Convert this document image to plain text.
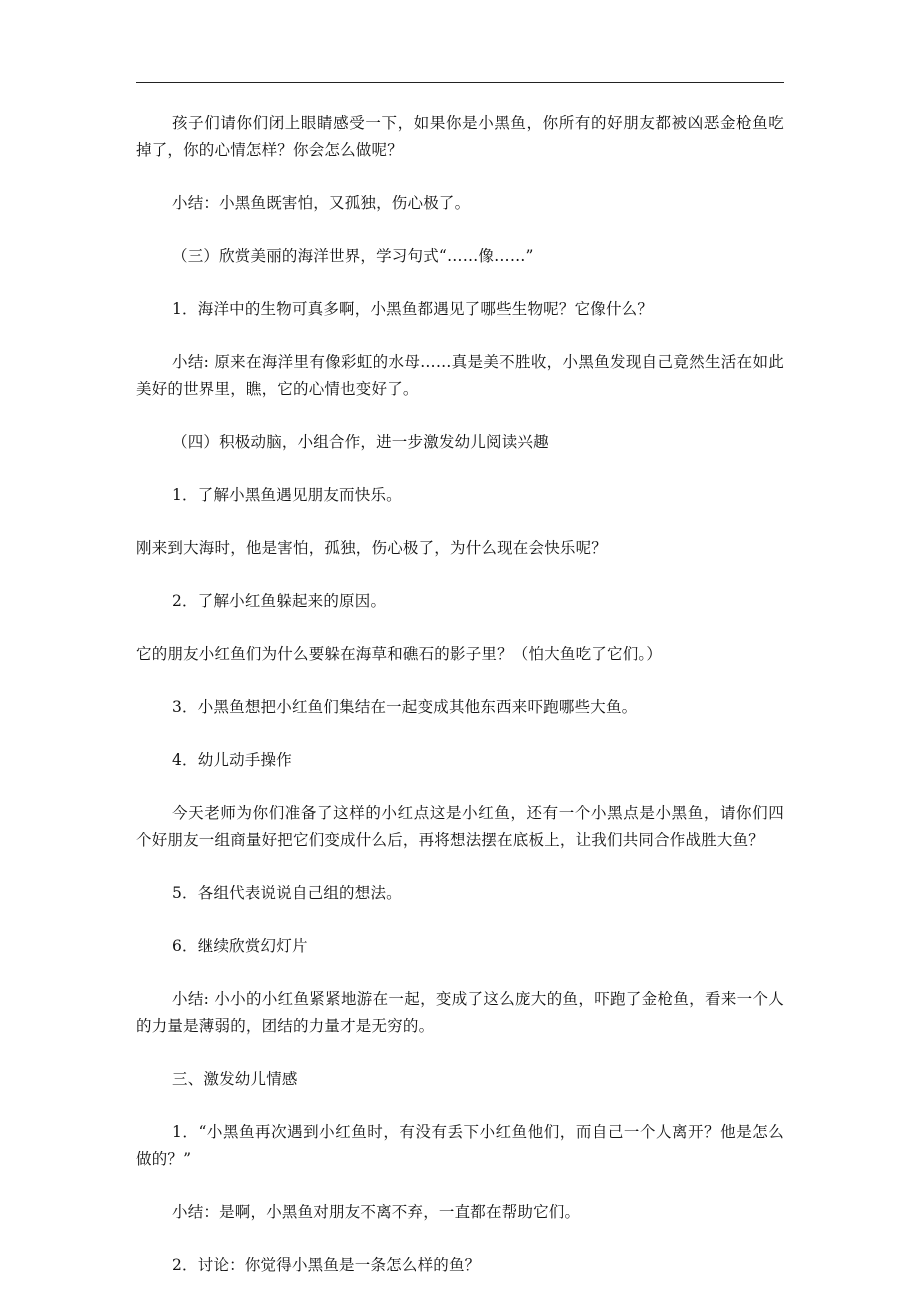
孩子们请你们闭上眼睛感受一下，如果你是小黑鱼，你所有的好朋友都被凶恶金枪鱼吃掉了，你的心情怎样？你会怎么做呢？

小结：小黑鱼既害怕，又孤独，伤心极了。

（三）欣赏美丽的海洋世界，学习句式“……像……”

1．海洋中的生物可真多啊，小黑鱼都遇见了哪些生物呢？它像什么？

小结: 原来在海洋里有像彩虹的水母……真是美不胜收，小黑鱼发现自己竟然生活在如此美好的世界里，瞧，它的心情也变好了。

（四）积极动脑，小组合作，进一步激发幼儿阅读兴趣

1．了解小黑鱼遇见朋友而快乐。

刚来到大海时，他是害怕，孤独，伤心极了，为什么现在会快乐呢？

2．了解小红鱼躲起来的原因。

它的朋友小红鱼们为什么要躲在海草和礁石的影子里？（怕大鱼吃了它们。）

3．小黑鱼想把小红鱼们集结在一起变成其他东西来吓跑哪些大鱼。

4．幼儿动手操作

今天老师为你们准备了这样的小红点这是小红鱼，还有一个小黑点是小黑鱼，请你们四个好朋友一组商量好把它们变成什么后，再将想法摆在底板上，让我们共同合作战胜大鱼？

5．各组代表说说自己组的想法。

6．继续欣赏幻灯片

小结: 小小的小红鱼紧紧地游在一起，变成了这么庞大的鱼，吓跑了金枪鱼，看来一个人的力量是薄弱的，团结的力量才是无穷的。

三、激发幼儿情感

1．“小黑鱼再次遇到小红鱼时，有没有丢下小红鱼他们，而自己一个人离开？他是怎么做的？”

小结：是啊，小黑鱼对朋友不离不弃，一直都在帮助它们。

2．讨论：你觉得小黑鱼是一条怎么样的鱼？
